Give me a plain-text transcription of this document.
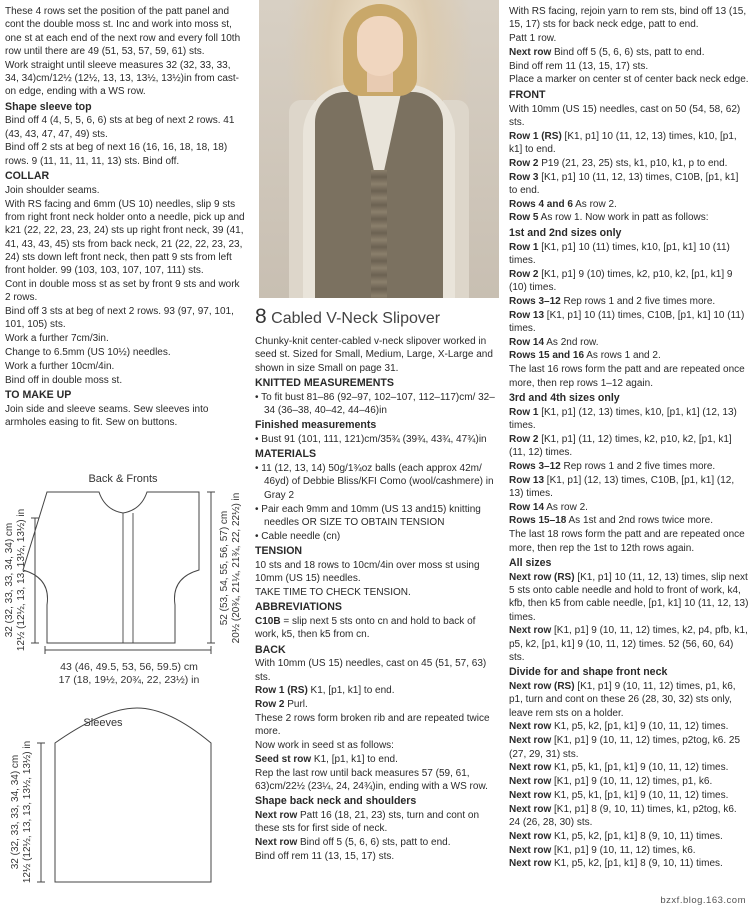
These 4 rows set the position of the patt panel and cont the double moss st. Inc and work into moss st, one st at each end of the next row and every foll 10th row until there are 49 (51, 53, 57, 59, 61) sts.
Work straight until sleeve measures 32 (32, 33, 33, 34, 34)cm/12½ (12½, 13, 13, 13½, 13½)in from cast-on edge, ending with a WS row.
Shape sleeve top
Bind off 4 (4, 5, 5, 6, 6) sts at beg of next 2 rows. 41 (43, 43, 47, 47, 49) sts.
Bind off 2 sts at beg of next 16 (16, 16, 18, 18, 18) rows. 9 (11, 11, 11, 11, 13) sts. Bind off.
COLLAR
Join shoulder seams.
With RS facing and 6mm (US 10) needles, slip 9 sts from right front neck holder onto a needle, pick up and k21 (22, 22, 23, 23, 24) sts up right front neck, 39 (41, 41, 43, 43, 45) sts from back neck, 21 (22, 22, 23, 23, 24) sts down left front neck, then patt 9 sts from left front holder. 99 (103, 103, 107, 107, 111) sts.
Cont in double moss st as set by front 9 sts and work 2 rows.
Bind off 3 sts at beg of next 2 rows. 93 (97, 97, 101, 101, 105) sts.
Work a further 7cm/3in.
Change to 6.5mm (US 10½) needles.
Work a further 10cm/4in.
Bind off in double moss st.
TO MAKE UP
Join side and sleeve seams. Sew sleeves into armholes easing to fit. Sew on buttons.
Back & Fronts
32 (32, 33, 33, 34, 34) cm 12½ (12½, 13, 13, 13½, 13½) in	52 (53, 54, 55, 56, 57) cm 20½ (20¾, 21¼, 21¾, 22, 22½) in
43 (46, 49.5, 53, 56, 59.5) cm
17 (18, 19½, 20¾, 22, 23½) in
Sleeves
32 (32, 33, 33, 34, 34) cm 12½ (12½, 13, 13, 13½, 13½) in
8 Cabled V-Neck Slipover
Chunky-knit center-cabled v-neck slipover worked in seed st. Sized for Small, Medium, Large, X-Large and shown in size Small on page 31.
KNITTED MEASUREMENTS
• To fit bust 81–86 (92–97, 102–107, 112–117)cm/ 32–34 (36–38, 40–42, 44–46)in
Finished measurements
• Bust 91 (101, 111, 121)cm/35¾ (39¾, 43¾, 47¾)in
MATERIALS
• 11 (12, 13, 14) 50g/1¾oz balls (each approx 42m/ 46yd) of Debbie Bliss/KFI Como (wool/cashmere) in Gray 2
• Pair each 9mm and 10mm (US 13 and15) knitting needles OR SIZE TO OBTAIN TENSION
• Cable needle (cn)
TENSION
10 sts and 18 rows to 10cm/4in over moss st using 10mm (US 15) needles.
TAKE TIME TO CHECK TENSION.
ABBREVIATIONS
C10B = slip next 5 sts onto cn and hold to back of work, k5, then k5 from cn.
BACK
With 10mm (US 15) needles, cast on 45 (51, 57, 63) sts.
Row 1 (RS) K1, [p1, k1] to end.
Row 2 Purl.
These 2 rows form broken rib and are repeated twice more.
Now work in seed st as follows:
Seed st row K1, [p1, k1] to end.
Rep the last row until back measures 57 (59, 61, 63)cm/22½ (23¼, 24, 24¾)in, ending with a WS row.
Shape back neck and shoulders
Next row Patt 16 (18, 21, 23) sts, turn and cont on these sts for first side of neck.
Next row Bind off 5 (5, 6, 6) sts, patt to end.
Bind off rem 11 (13, 15, 17) sts.
With RS facing, rejoin yarn to rem sts, bind off 13 (15, 15, 17) sts for back neck edge, patt to end.
Patt 1 row.
Next row Bind off 5 (5, 6, 6) sts, patt to end.
Bind off rem 11 (13, 15, 17) sts.
Place a marker on center st of center back neck edge.
FRONT
With 10mm (US 15) needles, cast on 50 (54, 58, 62) sts.
Row 1 (RS) [K1, p1] 10 (11, 12, 13) times, k10, [p1, k1] to end.
Row 2 P19 (21, 23, 25) sts, k1, p10, k1, p to end.
Row 3 [K1, p1] 10 (11, 12, 13) times, C10B, [p1, k1] to end.
Rows 4 and 6 As row 2.
Row 5 As row 1. Now work in patt as follows:
1st and 2nd sizes only
Row 1 [K1, p1] 10 (11) times, k10, [p1, k1] 10 (11) times.
Row 2 [K1, p1] 9 (10) times, k2, p10, k2, [p1, k1] 9 (10) times.
Rows 3–12 Rep rows 1 and 2 five times more.
Row 13 [K1, p1] 10 (11) times, C10B, [p1, k1] 10 (11) times.
Row 14 As 2nd row.
Rows 15 and 16 As rows 1 and 2.
The last 16 rows form the patt and are repeated once more, then rep rows 1–12 again.
3rd and 4th sizes only
Row 1 [K1, p1] (12, 13) times, k10, [p1, k1] (12, 13) times.
Row 2 [K1, p1] (11, 12) times, k2, p10, k2, [p1, k1] (11, 12) times.
Rows 3–12 Rep rows 1 and 2 five times more.
Row 13 [K1, p1] (12, 13) times, C10B, [p1, k1] (12, 13) times.
Row 14 As row 2.
Rows 15–18 As 1st and 2nd rows twice more.
The last 18 rows form the patt and are repeated once more, then rep the 1st to 12th rows again.
All sizes
Next row (RS) [K1, p1] 10 (11, 12, 13) times, slip next 5 sts onto cable needle and hold to front of work, k4, kfb, then k5 from cable needle, [p1, k1] 10 (11, 12, 13) times.
Next row [K1, p1] 9 (10, 11, 12) times, k2, p4, pfb, k1, p5, k2, [p1, k1] 9 (10, 11, 12) times. 52 (56, 60, 64) sts.
Divide for and shape front neck
Next row (RS) [K1, p1] 9 (10, 11, 12) times, p1, k6, p1, turn and cont on these 26 (28, 30, 32) sts only, leave rem sts on a holder.
Next row K1, p5, k2, [p1, k1] 9 (10, 11, 12) times.
Next row [K1, p1] 9 (10, 11, 12) times, p2tog, k6. 25 (27, 29, 31) sts.
Next row K1, p5, k1, [p1, k1] 9 (10, 11, 12) times.
Next row [K1, p1] 9 (10, 11, 12) times, p1, k6.
Next row K1, p5, k1, [p1, k1] 9 (10, 11, 12) times.
Next row [K1, p1] 8 (9, 10, 11) times, k1, p2tog, k6. 24 (26, 28, 30) sts.
Next row K1, p5, k2, [p1, k1] 8 (9, 10, 11) times.
Next row [K1, p1] 9 (10, 11, 12) times, k6.
Next row K1, p5, k2, [p1, k1] 8 (9, 10, 11) times.
bzxf.blog.163.com
